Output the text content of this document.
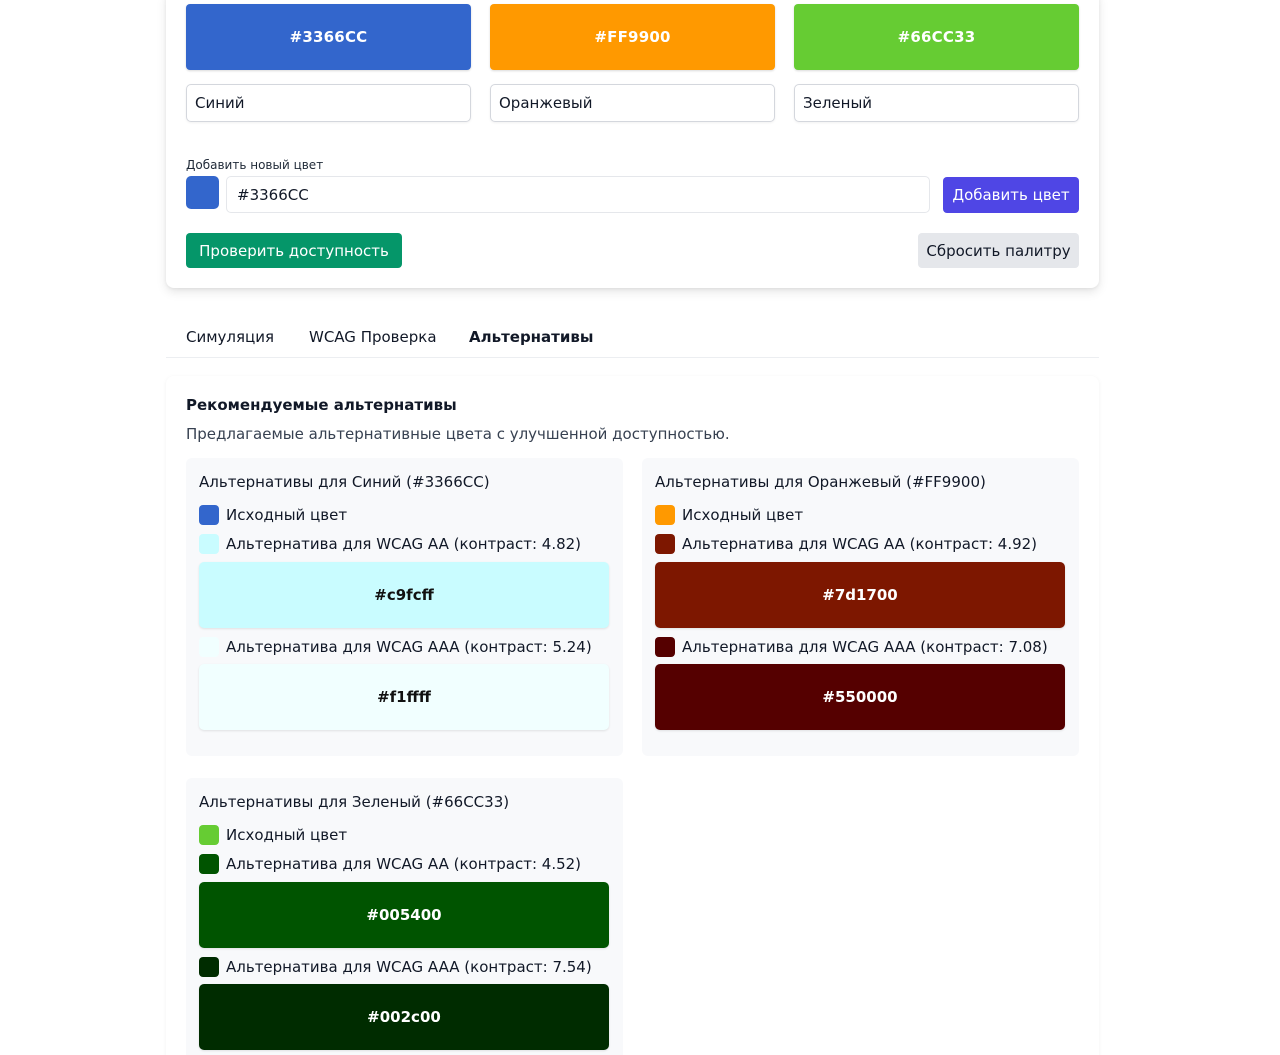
#3366CC
Синий
#FF9900
Оранжевый
#66CC33
Зеленый
Добавить новый цвет
#3366CC	Добавить цвет
Проверить доступность	Сбросить палитру
Симуляция WCAG Проверка Альтернативы
Рекомендуемые альтернативы
Предлагаемые альтернативные цвета с улучшенной доступностью.
Альтернативы для Синий (#3366CC)
Исходный цвет
Альтернатива для WCAG AA (контраст: 4.82)
#c9fcff
Альтернатива для WCAG AAA (контраст: 5.24)
#f1ffff
Альтернативы для Оранжевый (#FF9900)
Исходный цвет
Альтернатива для WCAG AA (контраст: 4.92)
#7d1700
Альтернатива для WCAG AAA (контраст: 7.08)
#550000
Альтернативы для Зеленый (#66CC33)
Исходный цвет
Альтернатива для WCAG AA (контраст: 4.52)
#005400
Альтернатива для WCAG AAA (контраст: 7.54)
#002c00
